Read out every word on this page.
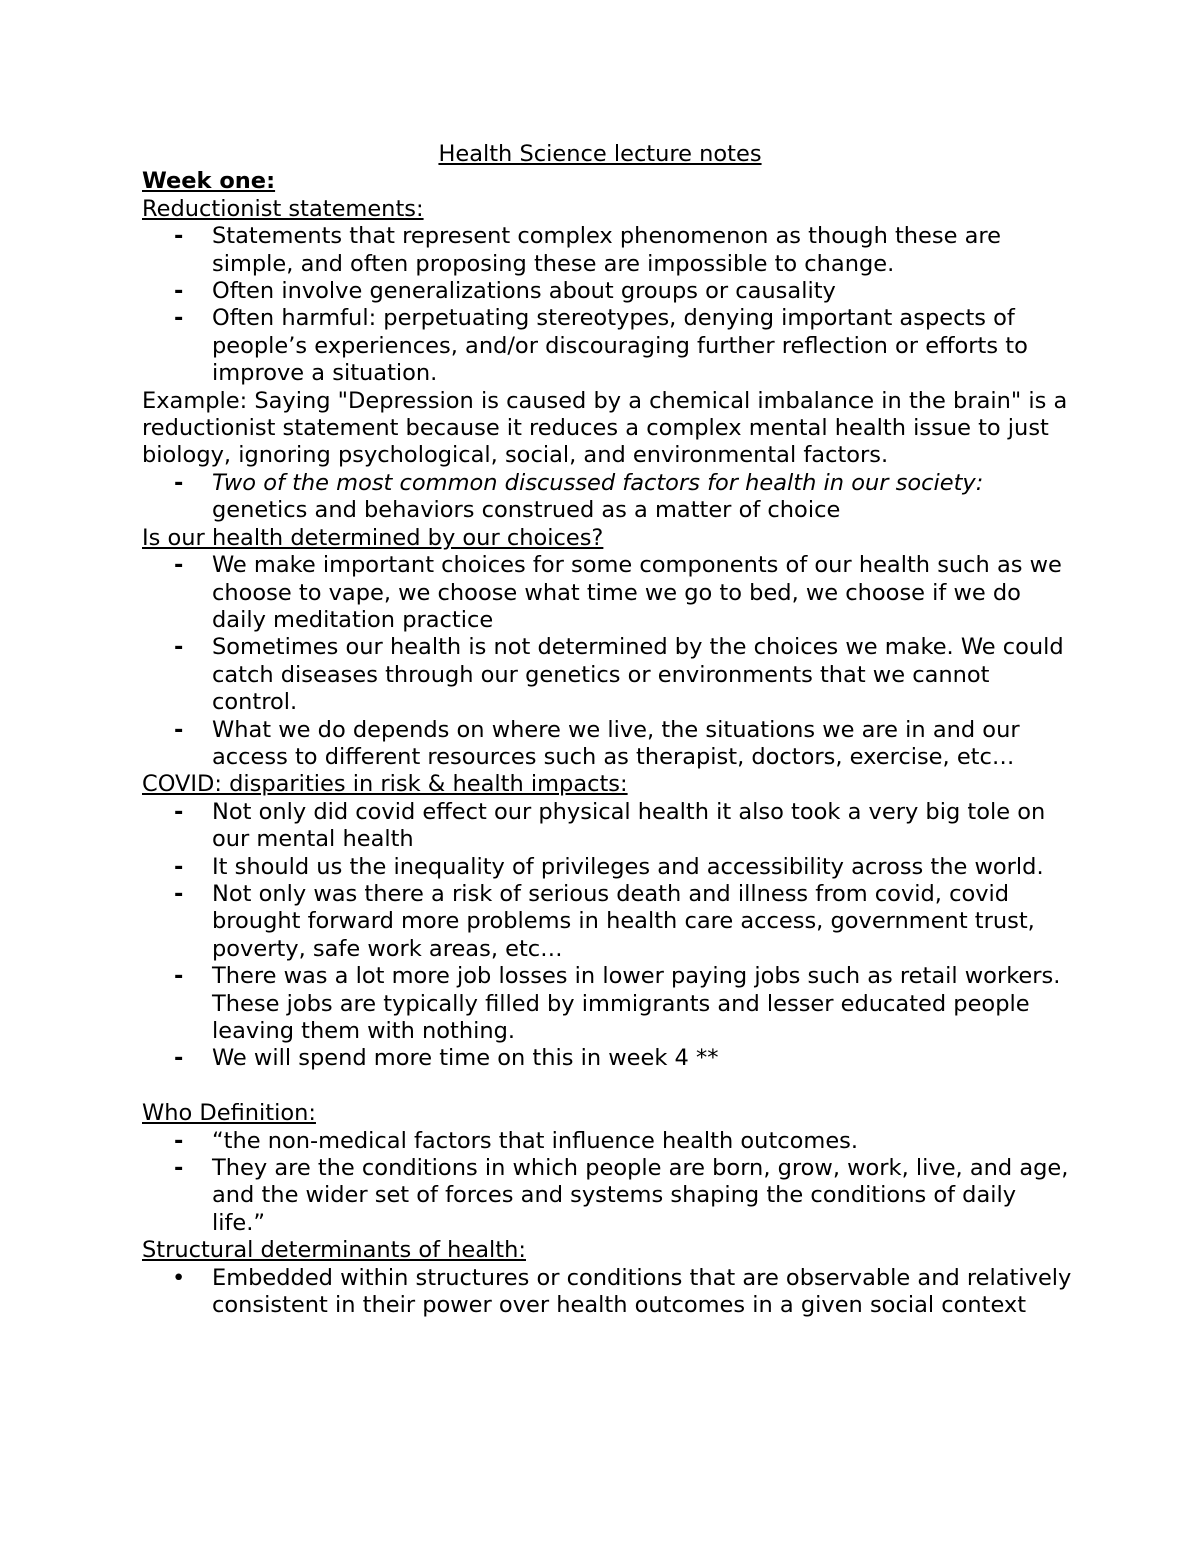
Health Science lecture notes
Week one:
Reductionist statements:
-	Statements that represent complex phenomenon as though these are simple, and often proposing these are impossible to change.
-	Often involve generalizations about groups or causality
-	Often harmful: perpetuating stereotypes, denying important aspects of people’s experiences, and/or discouraging further reflection or efforts to improve a situation.
Example: Saying "Depression is caused by a chemical imbalance in the brain" is a reductionist statement because it reduces a complex mental health issue to just biology, ignoring psychological, social, and environmental factors.
-	Two of the most common discussed factors for health in our society:
genetics and behaviors construed as a matter of choice
Is our health determined by our choices?
-	We make important choices for some components of our health such as we choose to vape, we choose what time we go to bed, we choose if we do daily meditation practice
-	Sometimes our health is not determined by the choices we make. We could catch diseases through our genetics or environments that we cannot control.
-	What we do depends on where we live, the situations we are in and our access to different resources such as therapist, doctors, exercise, etc…
COVID: disparities in risk & health impacts:
-	Not only did covid effect our physical health it also took a very big tole on our mental health
-	It should us the inequality of privileges and accessibility across the world.
-	Not only was there a risk of serious death and illness from covid, covid brought forward more problems in health care access, government trust, poverty, safe work areas, etc…
-	There was a lot more job losses in lower paying jobs such as retail workers. These jobs are typically filled by immigrants and lesser educated people leaving them with nothing.
-	We will spend more time on this in week 4 **
Who Definition:
-	“the non-medical factors that influence health outcomes.
-	They are the conditions in which people are born, grow, work, live, and age, and the wider set of forces and systems shaping the conditions of daily life.”
Structural determinants of health:
•	Embedded within structures or conditions that are observable and relatively consistent in their power over health outcomes in a given social context
